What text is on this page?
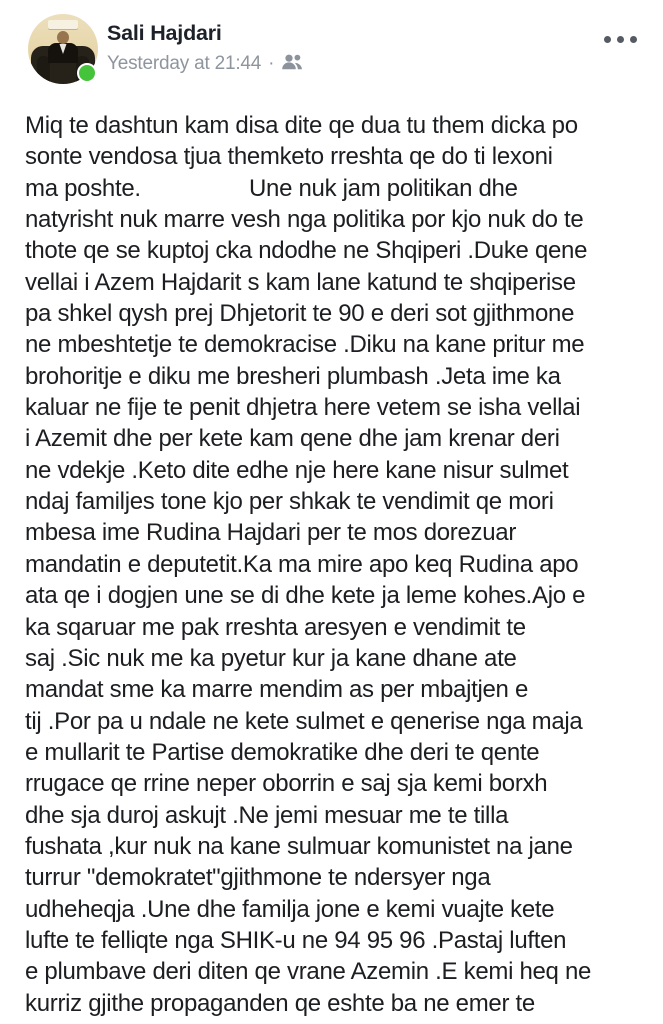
Sali Hajdari
Yesterday at 21:44 ·
Miq te dashtun kam disa dite qe dua tu them dicka po
sonte vendosa tjua themketo rreshta qe do ti lexoni
ma poshte.                 Une nuk jam politikan dhe
natyrisht nuk marre vesh nga politika por kjo nuk do te
thote qe se kuptoj cka ndodhe ne Shqiperi .Duke qene
vellai i Azem Hajdarit s kam lane katund te shqiperise
pa shkel qysh prej Dhjetorit te 90 e deri sot gjithmone
ne mbeshtetje te demokracise .Diku na kane pritur me
brohoritje e diku me bresheri plumbash .Jeta ime ka
kaluar ne fije te penit dhjetra here vetem se isha vellai
i Azemit dhe per kete kam qene dhe jam krenar deri
ne vdekje .Keto dite edhe nje here kane nisur sulmet
ndaj familjes tone kjo per shkak te vendimit qe mori
mbesa ime Rudina Hajdari per te mos dorezuar
mandatin e deputetit.Ka ma mire apo keq Rudina apo
ata qe i dogjen une se di dhe kete ja leme kohes.Ajo e
ka sqaruar me pak rreshta aresyen e vendimit te
saj .Sic nuk me ka pyetur kur ja kane dhane ate
mandat sme ka marre mendim as per mbajtjen e
tij .Por pa u ndale ne kete sulmet e qenerise nga maja
e mullarit te Partise demokratike dhe deri te qente
rrugace qe rrine neper oborrin e saj sja kemi borxh
dhe sja duroj askujt .Ne jemi mesuar me te tilla
fushata ,kur nuk na kane sulmuar komunistet na jane
turrur "demokratet"gjithmone te ndersyer nga
udheheqja .Une dhe familja jone e kemi vuajte kete
lufte te felliqte nga SHIK-u ne 94 95 96 .Pastaj luften
e plumbave deri diten qe vrane Azemin .E kemi heq ne
kurriz gjithe propaganden qe eshte ba ne emer te
